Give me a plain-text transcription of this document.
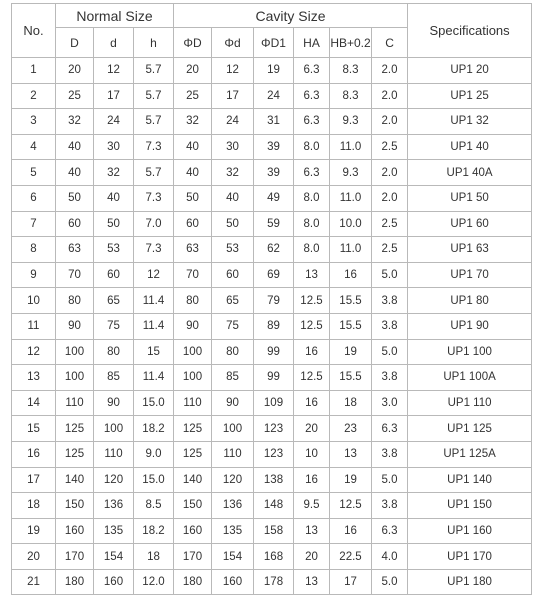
No.	Normal Size			Cavity Size						Specifications
	D	d	h	ΦD	Φd	ΦD1	HA	HB+0.2	C	
1	20	12	5.7	20	12	19	6.3	8.3	2.0	UP1 20
2	25	17	5.7	25	17	24	6.3	8.3	2.0	UP1 25
3	32	24	5.7	32	24	31	6.3	9.3	2.0	UP1 32
4	40	30	7.3	40	30	39	8.0	11.0	2.5	UP1 40
5	40	32	5.7	40	32	39	6.3	9.3	2.0	UP1 40A
6	50	40	7.3	50	40	49	8.0	11.0	2.0	UP1 50
7	60	50	7.0	60	50	59	8.0	10.0	2.5	UP1 60
8	63	53	7.3	63	53	62	8.0	11.0	2.5	UP1 63
9	70	60	12	70	60	69	13	16	5.0	UP1 70
10	80	65	11.4	80	65	79	12.5	15.5	3.8	UP1 80
11	90	75	11.4	90	75	89	12.5	15.5	3.8	UP1 90
12	100	80	15	100	80	99	16	19	5.0	UP1 100
13	100	85	11.4	100	85	99	12.5	15.5	3.8	UP1 100A
14	110	90	15.0	110	90	109	16	18	3.0	UP1 110
15	125	100	18.2	125	100	123	20	23	6.3	UP1 125
16	125	110	9.0	125	110	123	10	13	3.8	UP1 125A
17	140	120	15.0	140	120	138	16	19	5.0	UP1 140
18	150	136	8.5	150	136	148	9.5	12.5	3.8	UP1 150
19	160	135	18.2	160	135	158	13	16	6.3	UP1 160
20	170	154	18	170	154	168	20	22.5	4.0	UP1 170
21	180	160	12.0	180	160	178	13	17	5.0	UP1 180
